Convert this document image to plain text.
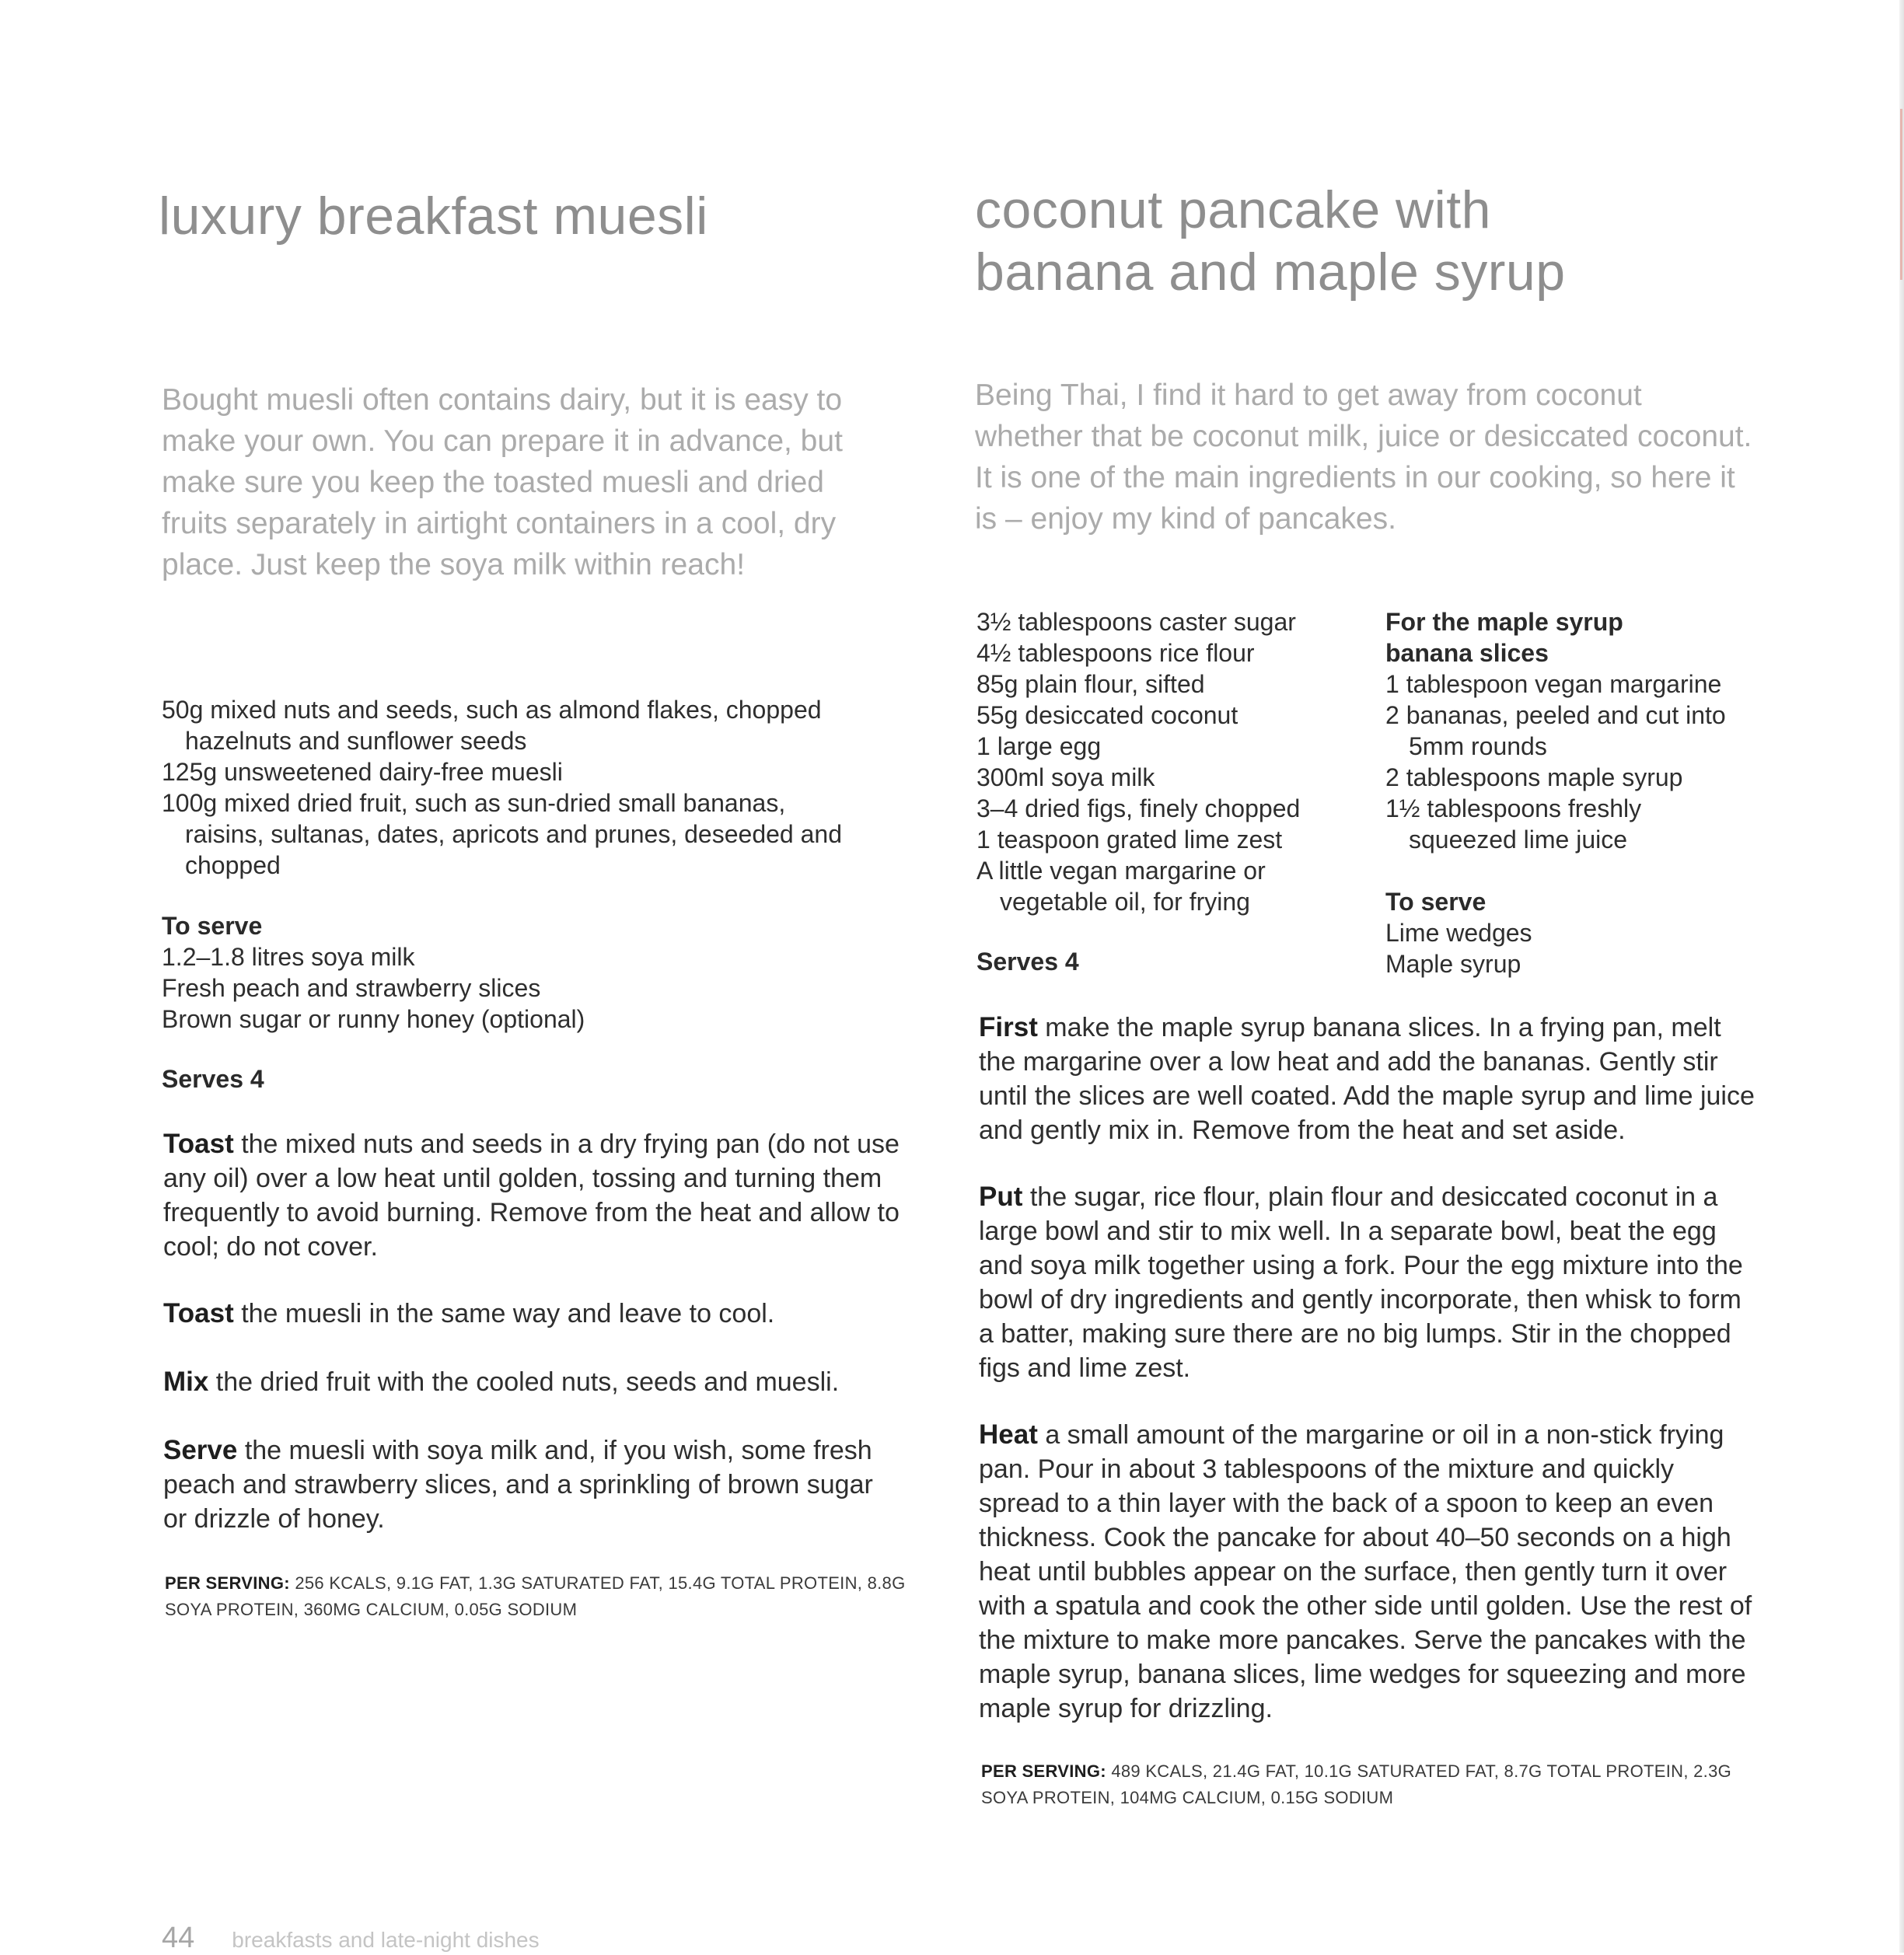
luxury breakfast muesli

Bought muesli often contains dairy, but it is easy to make your own. You can prepare it in advance, but make sure you keep the toasted muesli and dried fruits separately in airtight containers in a cool, dry place. Just keep the soya milk within reach!

50g mixed nuts and seeds, such as almond flakes, chopped hazelnuts and sunflower seeds
125g unsweetened dairy-free muesli
100g mixed dried fruit, such as sun-dried small bananas, raisins, sultanas, dates, apricots and prunes, deseeded and chopped
To serve
1.2–1.8 litres soya milk
Fresh peach and strawberry slices
Brown sugar or runny honey (optional)

Serves 4

Toast the mixed nuts and seeds in a dry frying pan (do not use any oil) over a low heat until golden, tossing and turning them frequently to avoid burning. Remove from the heat and allow to cool; do not cover.

Toast the muesli in the same way and leave to cool.

Mix the dried fruit with the cooled nuts, seeds and muesli.

Serve the muesli with soya milk and, if you wish, some fresh peach and strawberry slices, and a sprinkling of brown sugar or drizzle of honey.

PER SERVING: 256 KCALS, 9.1G FAT, 1.3G SATURATED FAT, 15.4G TOTAL PROTEIN, 8.8G SOYA PROTEIN, 360MG CALCIUM, 0.05G SODIUM

coconut pancake with
banana and maple syrup

Being Thai, I find it hard to get away from coconut whether that be coconut milk, juice or desiccated coconut. It is one of the main ingredients in our cooking, so here it is – enjoy my kind of pancakes.

3½ tablespoons caster sugar
4½ tablespoons rice flour
85g plain flour, sifted
55g desiccated coconut
1 large egg
300ml soya milk
3–4 dried figs, finely chopped
1 teaspoon grated lime zest
A little vegan margarine or vegetable oil, for frying

Serves 4

For the maple syrup banana slices
1 tablespoon vegan margarine
2 bananas, peeled and cut into 5mm rounds
2 tablespoons maple syrup
1½ tablespoons freshly squeezed lime juice
To serve
Lime wedges
Maple syrup

First make the maple syrup banana slices. In a frying pan, melt the margarine over a low heat and add the bananas. Gently stir until the slices are well coated. Add the maple syrup and lime juice and gently mix in. Remove from the heat and set aside.

Put the sugar, rice flour, plain flour and desiccated coconut in a large bowl and stir to mix well. In a separate bowl, beat the egg and soya milk together using a fork. Pour the egg mixture into the bowl of dry ingredients and gently incorporate, then whisk to form a batter, making sure there are no big lumps. Stir in the chopped figs and lime zest.

Heat a small amount of the margarine or oil in a non-stick frying pan. Pour in about 3 tablespoons of the mixture and quickly spread to a thin layer with the back of a spoon to keep an even thickness. Cook the pancake for about 40–50 seconds on a high heat until bubbles appear on the surface, then gently turn it over with a spatula and cook the other side until golden. Use the rest of the mixture to make more pancakes. Serve the pancakes with the maple syrup, banana slices, lime wedges for squeezing and more maple syrup for drizzling.

PER SERVING: 489 KCALS, 21.4G FAT, 10.1G SATURATED FAT, 8.7G TOTAL PROTEIN, 2.3G SOYA PROTEIN, 104MG CALCIUM, 0.15G SODIUM

44 breakfasts and late-night dishes
